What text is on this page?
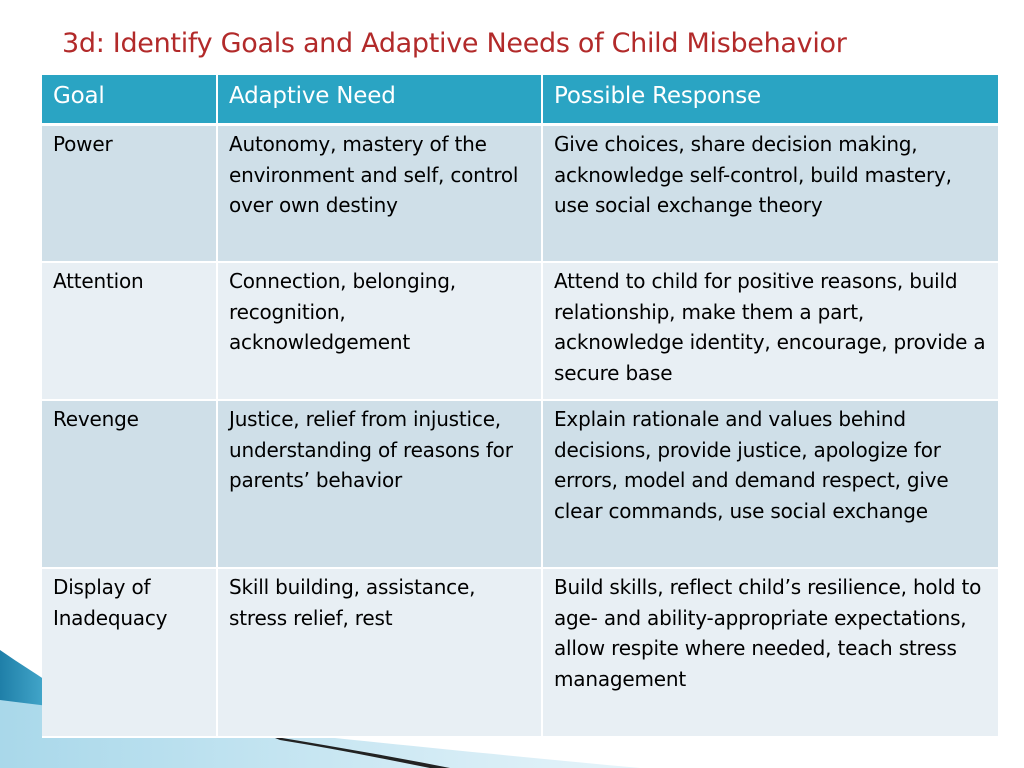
3d: Identify Goals and Adaptive Needs of Child Misbehavior
Goal	Adaptive Need	Possible Response
Power	Autonomy, mastery of the environment and self, control over own destiny	Give choices, share decision making, acknowledge self-control, build mastery, use social exchange theory
Attention	Connection, belonging, recognition, acknowledgement	Attend to child for positive reasons, build relationship, make them a part, acknowledge identity, encourage, provide a secure base
Revenge	Justice, relief from injustice, understanding of reasons for parents’ behavior	Explain rationale and values behind decisions, provide justice, apologize for errors, model and demand respect, give clear commands, use social exchange
Display of Inadequacy	Skill building, assistance, stress relief, rest	Build skills, reflect child’s resilience, hold to age- and ability-appropriate expectations, allow respite where needed, teach stress management
